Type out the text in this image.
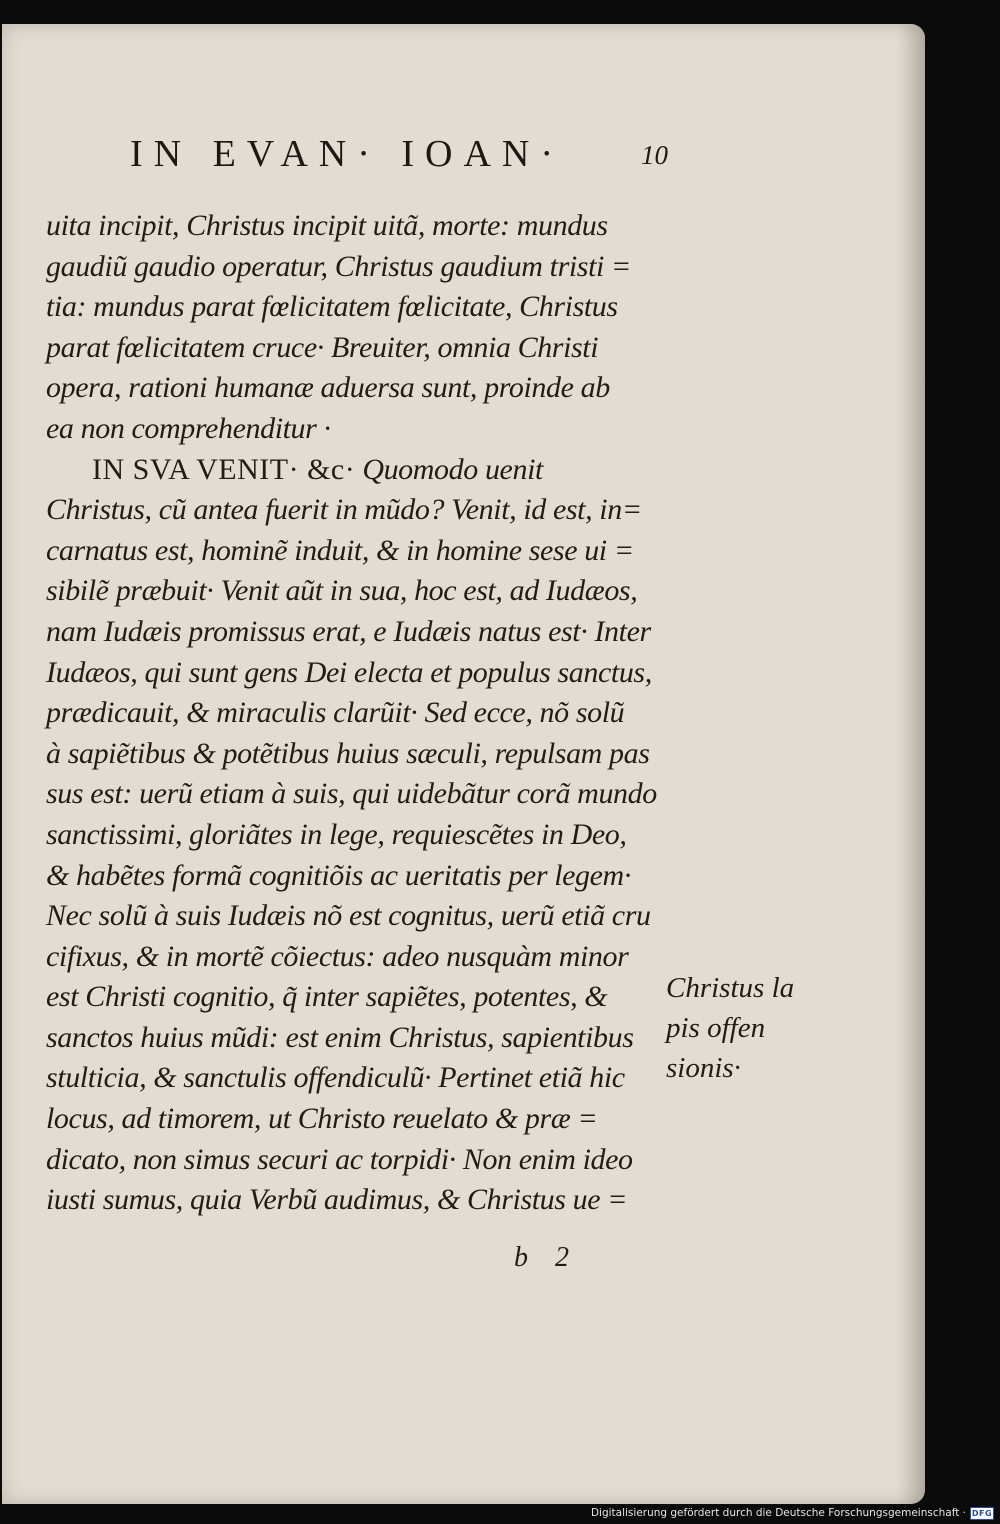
IN EVAN· IOAN·	10
uita incipit, Christus incipit uitã, morte: mundus
gaudiũ gaudio operatur, Christus gaudium tristi =
tia: mundus parat fœlicitatem fœlicitate, Christus
parat fœlicitatem cruce· Breuiter, omnia Christi
opera, rationi humanæ aduersa sunt, proinde ab
ea non comprehenditur ·
IN SVA VENIT· &c· Quomodo uenit
Christus, cũ antea fuerit in mũdo? Venit, id est, in=
carnatus est, hominẽ induit, & in homine sese ui =
sibilẽ præbuit· Venit aũt in sua, hoc est, ad Iudæos,
nam Iudæis promissus erat, e Iudæis natus est· Inter
Iudæos, qui sunt gens Dei electa et populus sanctus,
prædicauit, & miraculis clarũit· Sed ecce, nõ solũ
à sapiẽtibus & potẽtibus huius sæculi, repulsam pas
sus est: uerũ etiam à suis, qui uidebãtur corã mundo
sanctissimi, gloriãtes in lege, requiescẽtes in Deo,
& habẽtes formã cognitiõis ac ueritatis per legem·
Nec solũ à suis Iudæis nõ est cognitus, uerũ etiã cru
cifixus, & in mortẽ cõiectus: adeo nusquàm minor
est Christi cognitio, q̃ inter sapiẽtes, potentes, &
sanctos huius mũdi: est enim Christus, sapientibus
stulticia, & sanctulis offendiculũ· Pertinet etiã hic
locus, ad timorem, ut Christo reuelato & præ =
dicato, non simus securi ac torpidi· Non enim ideo
iusti sumus, quia Verbũ audimus, & Christus ue =
Christus la
pis offen
sionis·
b 2
Digitalisierung gefördert durch die Deutsche Forschungsgemeinschaft · DFG
